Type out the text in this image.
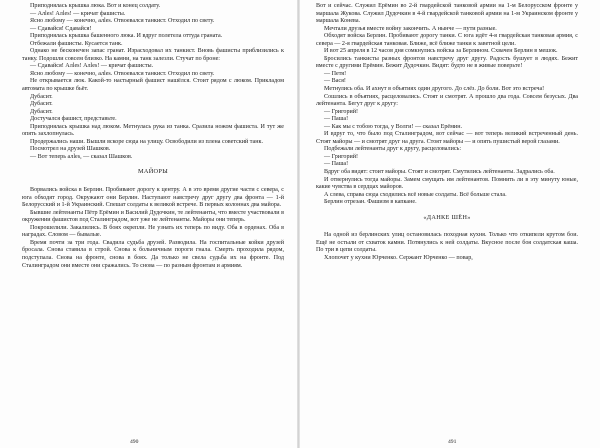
Приподнялась крышка люка. Вот и конец солдату.

— Алles! Алles! — кричат фашисты.

Ясно любому — конечно, алles. Отвоевался танкист. Отходил по свету.

— Сдавайся! Сдавайся!

Приподнялась крышка башенного люка. И вдруг полетела оттуда граната.

Отбежали фашисты. Кусается танк.

Однако не бесконечен запас гранат. Израсходовал их танкист. Вновь фашисты приблизились к танку. Подошли совсем близко. На камни, на танк залезли. Стучат по броне:

— Сдавайся! Алles! Алles! — кричат фашисты.

Ясно любому — конечно, алles. Отвоевался танкист. Отходил по свету.

Не открывается люк. Какой-то настырный фашист нашёлся. Стоит рядом с люком. Прикладом автомата по крышке бьёт.

Дубасит.

Дубасит.

Дубасит.

Достучался фашист, представьте.

Приподнялась крышка над люком. Метнулась рука из танка. Сразила ножом фашиста. И тут же опять захлопнулась.

Продержались наши. Вышли вскоре сюда на улицу. Освободили из плена советский танк.

Посмотрел на друзей Шашков.

— Вот теперь алles, — сказал Шашков.

МАЙОРЫ

Ворвались войска в Берлин. Пробивают дорогу к центру. А в это время другие части с севера, с юга обходят город. Окружают они Берлин. Наступают навстречу друг другу два фронта — 1-й Белорусский и 1-й Украинский. Спешат солдаты к великой встрече. В первых колоннах два майора.

Бывшие лейтенанты Пётр Ерёмин и Василий Дудочкин, те лейтенанты, что вместе участвовали в окружении фашистов под Сталинградом, вот уже не лейтенанты. Майоры они теперь.

Покрошелили. Закалились. В боях окрепли. Не узнать их теперь по виду. Оба в орденах. Оба в наградах. Словом — бывалые.

Время почти за три года. Свадила судьба друзей. Разводила. На госпитальные койки друзей бросала. Снова ставила в строй. Снова к больничным пороги гнала. Смерть проходила рядом, подступала. Снова на фронте, снова в боях. Да только не свела судьба их на фронте. Под Сталинградом они вместе они сражались. То снова — по разным фронтам и армиям.

490

Вот и сейчас. Служил Ерёмин во 2-й гвардейской танковой армии на 1-м Белорусском фронте у маршала Жукова. Служил Дудочкин в 4-й гвардейской танковой армии на 1-м Украинском фронте у маршала Конева.

Мечтали друзья вместе войну закончить. А нынче — пути разные.

Обходят войска Берлин. Пробивают дорогу танки. С юга идёт 4-я гвардейская танковая армия, с севера — 2-я гвардейская танковая. Ближе, всё ближе танки к заветной цели.

И вот 25 апреля в 12 часов дня сомкнулись войска за Берлином. Схвачен Берлин в мешок.

Бросились танкисты разных фронтов навстречу друг другу. Радость бушует в людях. Бежит вместе с другими Ерёмин. Бежит Дудочкин. Видят: будто не в живые поверьте!

— Петя!

— Вася!

Метнулись оба. И ахнут в объятиях один другого. До слёз. До боли. Вот это встреча!

Сошлись в объятиях, расцеловались. Стоят и смотрят. А прошло два года. Совсем безусых. Два лейтенанта. Бегут друг к другу:

— Григорий!

— Паша!

— Как мы с тобою тогда, у Волги! — сказал Ерёмин.

И вдруг то, что было под Сталинградом, вот сейчас — вот теперь великий встреченный день. Стоят майоры — и смотрят друг на друга. Стоят майоры — и опять пушистый верой глазами.

Подбежали лейтенанты друг к другу, расцеловались:

— Григорий!

— Паша!

Вдруг оба видят: стоит майоры. Стоят и смотрят. Смутились лейтенанты. Задрались оба.

И отвернулись тогда майоры. Замем смущать им лейтенантов. Помнить ли в эту минуту юные, какие чувства в сердцах майоров.

А слева, справа сюда сходились всё новые солдаты. Всё больше стала.

Берлин отрезан. Фашизм в капкане.

«ДАНКЕ ШЁН»

На одной из берлинских улиц остановилась походная кухня. Только что откипели крутом бои. Ещё не остыли от схваток камни. Потянулись к ней солдаты. Вкусное после боя солдатская каша. По три в цепи солдаты.

Хлопочет у кухни Юрченко. Сержант Юрченко — повар,

491
